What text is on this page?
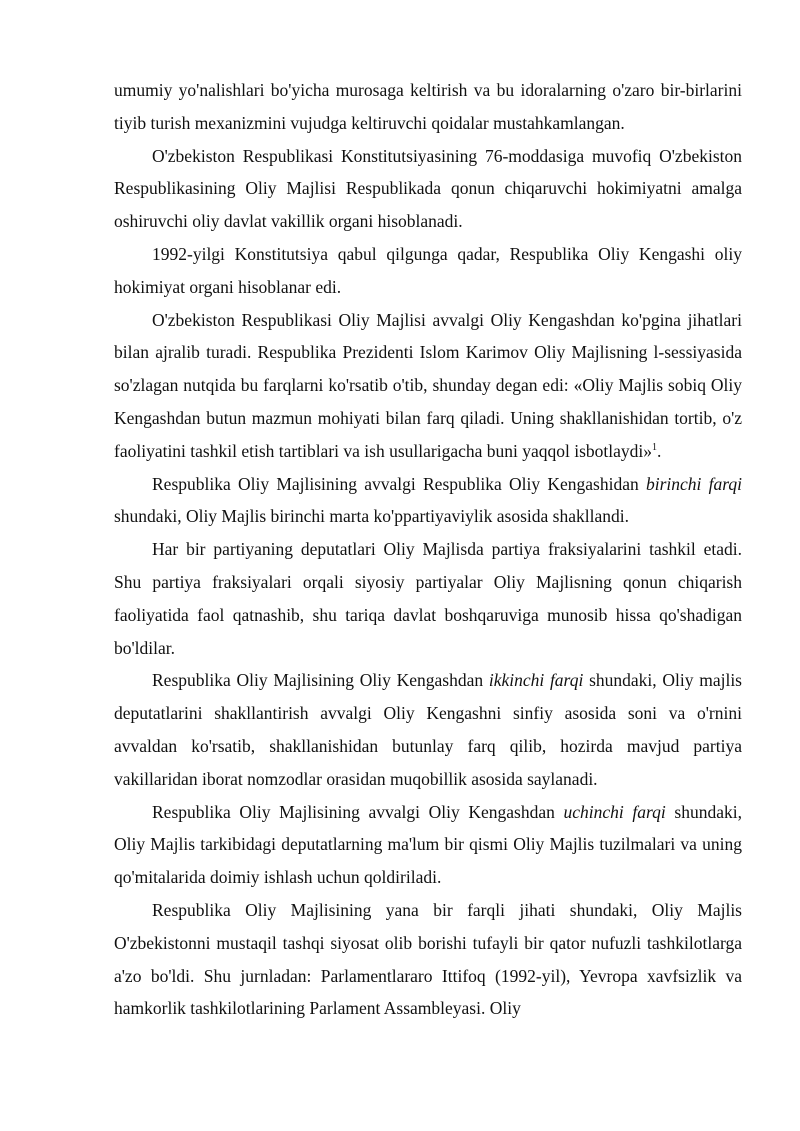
umumiy yo'nalishlari bo'yicha murosaga keltirish va bu idoralarning o'zaro bir-birlarini tiyib turish mexanizmini vujudga keltiruvchi qoidalar mustahkamlangan.

O'zbekiston Respublikasi Konstitutsiyasining 76-moddasiga muvofiq O'zbekiston Respublikasining Oliy Majlisi Respublikada qonun chiqaruvchi hokimiyatni amalga oshiruvchi oliy davlat vakillik organi hisoblanadi.

1992-yilgi Konstitutsiya qabul qilgunga qadar, Respublika Oliy Kengashi oliy hokimiyat organi hisoblanar edi.

O'zbekiston Respublikasi Oliy Majlisi avvalgi Oliy Kengashdan ko'pgina jihatlari bilan ajralib turadi. Respublika Prezidenti Islom Karimov Oliy Majlisning l-sessiyasida so'zlagan nutqida bu farqlarni ko'rsatib o'tib, shunday degan edi: «Oliy Majlis sobiq Oliy Kengashdan butun mazmun mohiyati bilan farq qiladi. Uning shakllanishidan tortib, o'z faoliyatini tashkil etish tartiblari va ish usullarigacha buni yaqqol isbotlaydi»$^1$.

Respublika Oliy Majlisining avvalgi Respublika Oliy Kengashidan birinchi farqi shundaki, Oliy Majlis birinchi marta ko'ppartiyaviylik asosida shakllandi.

Har bir partiyaning deputatlari Oliy Majlisda partiya fraksiyalarini tashkil etadi. Shu partiya fraksiyalari orqali siyosiy partiyalar Oliy Majlisning qonun chiqarish faoliyatida faol qatnashib, shu tariqa davlat boshqaruviga munosib hissa qo'shadigan bo'ldilar.

Respublika Oliy Majlisining Oliy Kengashdan ikkinchi farqi shundaki, Oliy majlis deputatlarini shakllantirish avvalgi Oliy Kengashni sinfiy asosida soni va o'rnini avvaldan ko'rsatib, shakllanishidan butunlay farq qilib, hozirda mavjud partiya vakillaridan iborat nomzodlar orasidan muqobillik asosida saylanadi.

Respublika Oliy Majlisining avvalgi Oliy Kengashdan uchinchi farqi shundaki, Oliy Majlis tarkibidagi deputatlarning ma'lum bir qismi Oliy Majlis tuzilmalari va uning qo'mitalarida doimiy ishlash uchun qoldiriladi.

Respublika Oliy Majlisining yana bir farqli jihati shundaki, Oliy Majlis O'zbekistonni mustaqil tashqi siyosat olib borishi tufayli bir qator nufuzli tashkilotlarga a'zo bo'ldi. Shu jurnladan: Parlamentlararo Ittifoq (1992-yil), Yevropa xavfsizlik va hamkorlik tashkilotlarining Parlament Assambleyasi. Oliy
